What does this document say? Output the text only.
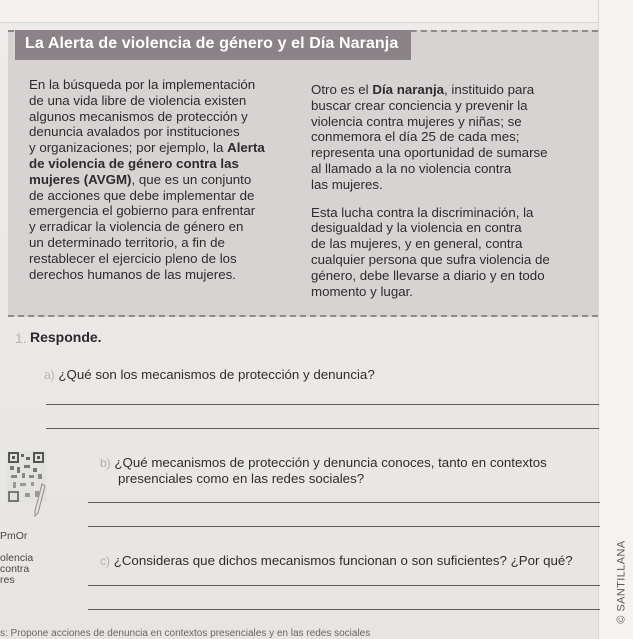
La Alerta de violencia de género y el Día Naranja
En la búsqueda por la implementación
de una vida libre de violencia existen
algunos mecanismos de protección y
denuncia avalados por instituciones
y organizaciones; por ejemplo, la Alerta
de violencia de género contra las
mujeres (AVGM), que es un conjunto
de acciones que debe implementar de
emergencia el gobierno para enfrentar
y erradicar la violencia de género en
un determinado territorio, a fin de
restablecer el ejercicio pleno de los
derechos humanos de las mujeres.
Otro es el Día naranja, instituido para
buscar crear conciencia y prevenir la
violencia contra mujeres y niñas; se
conmemora el día 25 de cada mes;
representa una oportunidad de sumarse
al llamado a la no violencia contra
las mujeres.
Esta lucha contra la discriminación, la
desigualdad y la violencia en contra
de las mujeres, y en general, contra
cualquier persona que sufra violencia de
género, debe llevarse a diario y en todo
momento y lugar.
1. Responde.
a) ¿Qué son los mecanismos de protección y denuncia?
b) ¿Qué mecanismos de protección y denuncia conoces, tanto en contextos
presenciales como en las redes sociales?
c) ¿Consideras que dichos mecanismos funcionan o son suficientes? ¿Por qué?
PmOr
olencia
contra
res	© SANTILLANA
s: Propone acciones de denuncia en contextos presenciales y en las redes sociales
